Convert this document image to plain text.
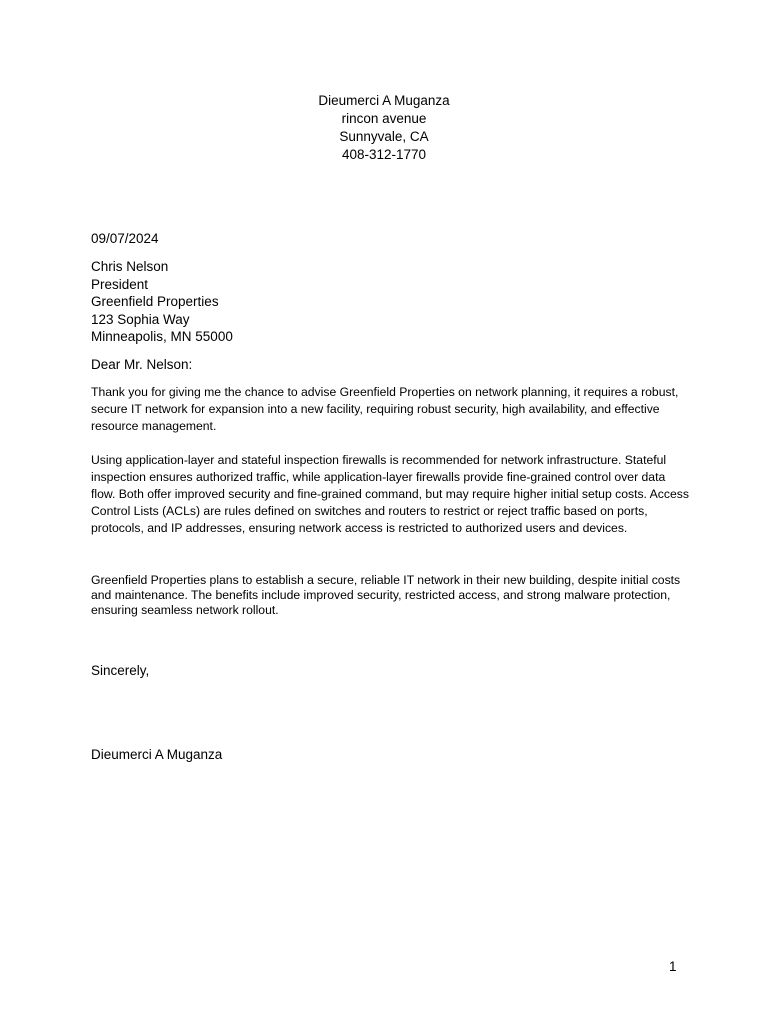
Dieumerci A Muganza
rincon avenue
Sunnyvale, CA
408-312-1770
09/07/2024
Chris Nelson
President
Greenfield Properties
123 Sophia Way
Minneapolis, MN 55000
Dear Mr. Nelson:

Thank you for giving me the chance to advise Greenfield Properties on network planning, it requires a robust, secure IT network for expansion into a new facility, requiring robust security, high availability, and effective resource management.

Using application-layer and stateful inspection firewalls is recommended for network infrastructure. Stateful inspection ensures authorized traffic, while application-layer firewalls provide fine-grained control over data flow. Both offer improved security and fine-grained command, but may require higher initial setup costs. Access Control Lists (ACLs) are rules defined on switches and routers to restrict or reject traffic based on ports, protocols, and IP addresses, ensuring network access is restricted to authorized users and devices.

Greenfield Properties plans to establish a secure, reliable IT network in their new building, despite initial costs and maintenance. The benefits include improved security, restricted access, and strong malware protection, ensuring seamless network rollout.

Sincerely,
Dieumerci A Muganza
1
